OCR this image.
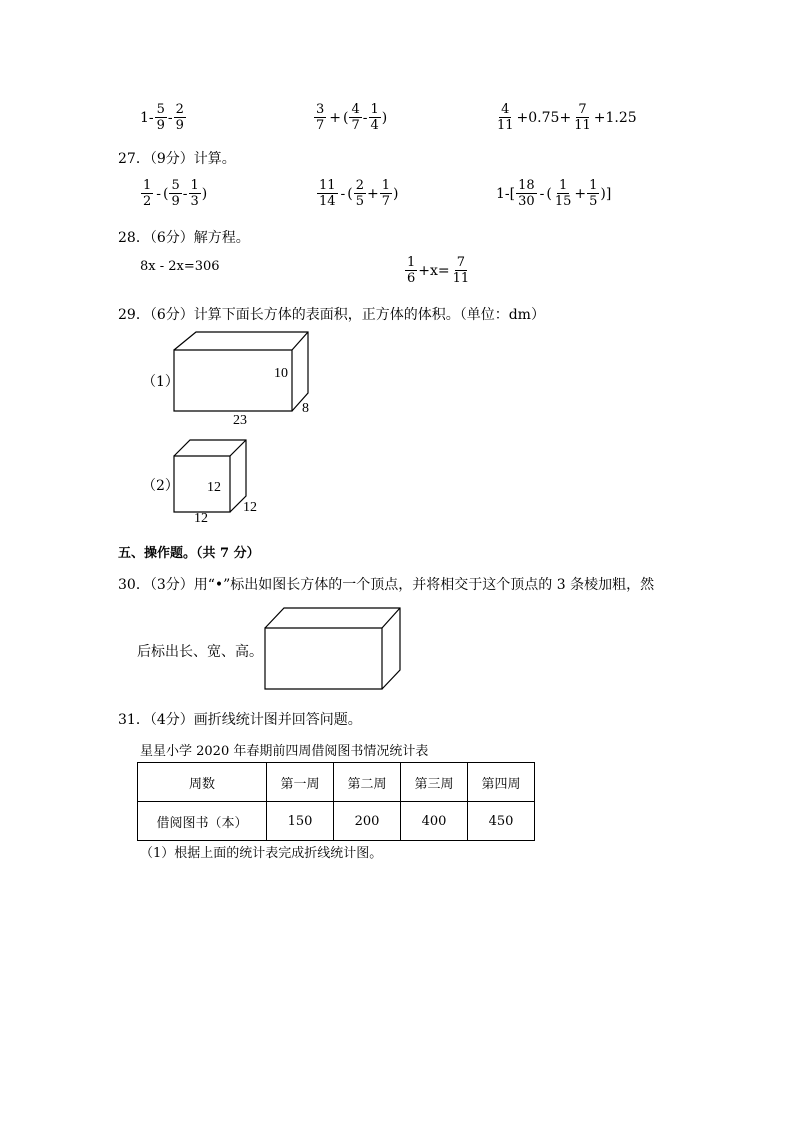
$1- \frac{5}{9} - \frac{2}{9}$	$\frac{3}{7}$ + ( $\frac{4}{7} - \frac{1}{4}$ )	$\frac{4}{11} +0.75+ \frac{7}{11} +1.25$
27．（9分）计算。
$\frac{1}{2}$ - ( $\frac{5}{9} - \frac{1}{3}$ )	$\frac{11}{14}$ - ( $\frac{2}{5} + \frac{1}{7}$ )	$1-[ \frac{18}{30}$ - ( $\frac{1}{15} + \frac{1}{5}$ )]
28．（6分）解方程。
8x - 2x=306	$\frac{1}{6} +x= \frac{7}{11}$
29．（6分）计算下面长方体的表面积，正方体的体积。（单位：dm）
（1）
10
8
23
（2） 12
12
12
五、操作题。（共 7 分）
30．（3分）用“•”标出如图长方体的一个顶点，并将相交于这个顶点的 3 条棱加粗，然
后标出长、宽、高。
31．（4分）画折线统计图并回答问题。
星星小学 2020 年春期前四周借阅图书情况统计表
周数	第一周	第二周	第三周	第四周
借阅图书（本）	150	200	400	450
（1）根据上面的统计表完成折线统计图。
